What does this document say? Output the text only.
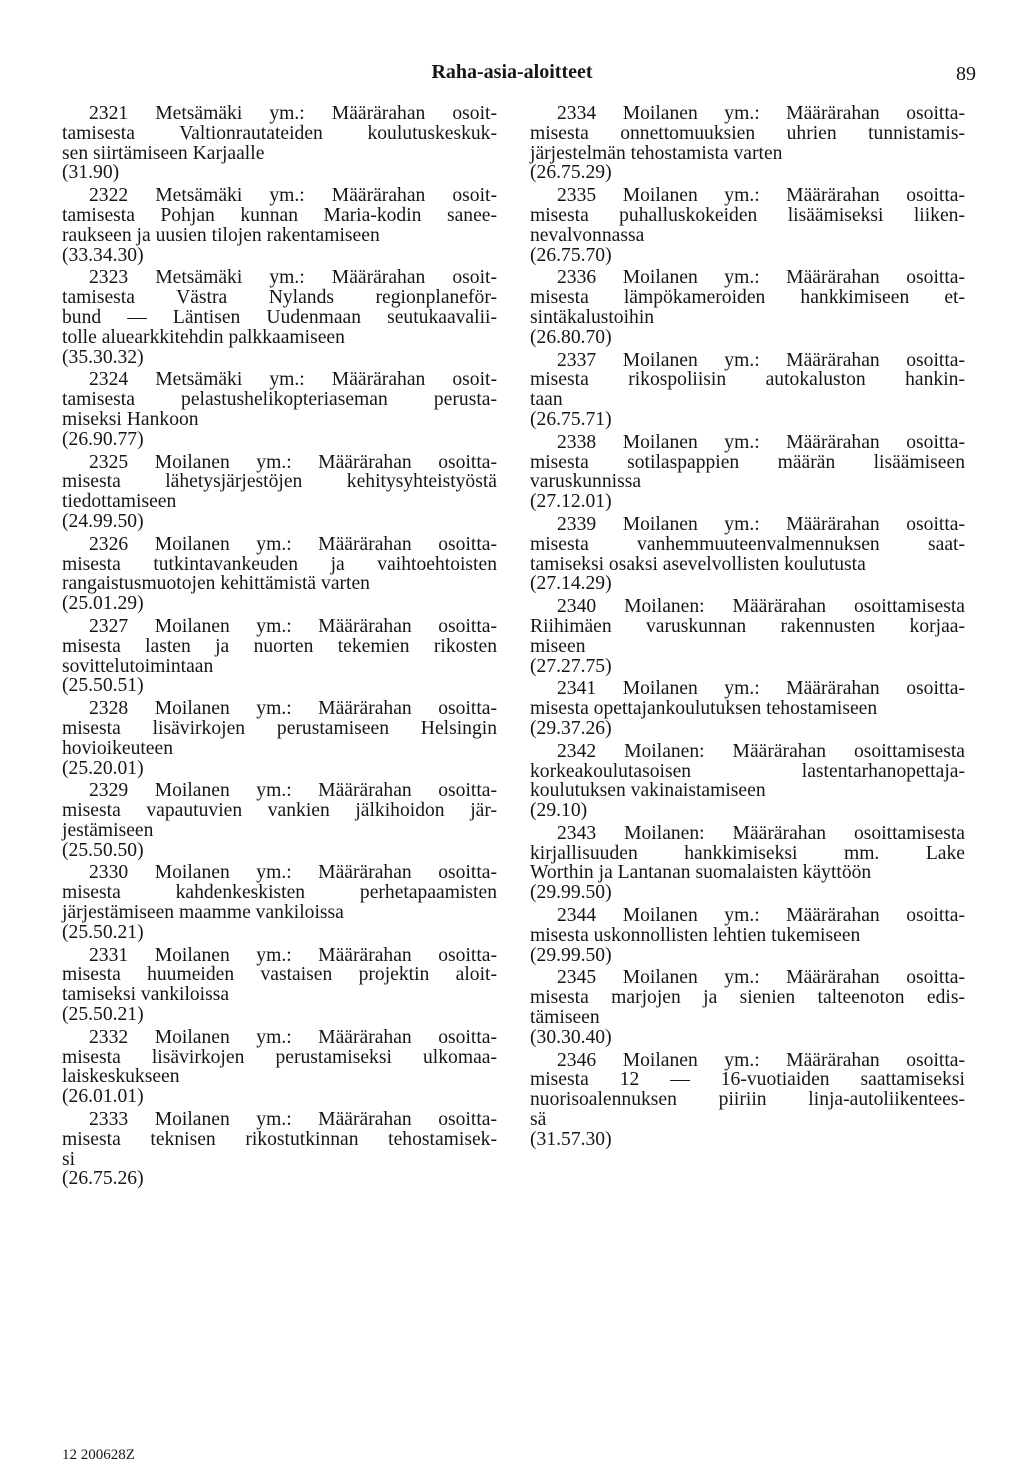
Raha-asia-aloitteet	89
2321 Metsämäki ym.: Määrärahan osoit-
tamisesta Valtionrautateiden koulutuskeskuk-
sen siirtämiseen Karjaalle
(31.90)
2322 Metsämäki ym.: Määrärahan osoit-
tamisesta Pohjan kunnan Maria-kodin sanee-
raukseen ja uusien tilojen rakentamiseen
(33.34.30)
2323 Metsämäki ym.: Määrärahan osoit-
tamisesta Västra Nylands regionplaneför-
bund — Läntisen Uudenmaan seutukaavalii-
tolle aluearkkitehdin palkkaamiseen
(35.30.32)
2324 Metsämäki ym.: Määrärahan osoit-
tamisesta pelastushelikopteriaseman perusta-
miseksi Hankoon
(26.90.77)
2325 Moilanen ym.: Määrärahan osoitta-
misesta lähetysjärjestöjen kehitysyhteistyöstä
tiedottamiseen
(24.99.50)
2326 Moilanen ym.: Määrärahan osoitta-
misesta tutkintavankeuden ja vaihtoehtoisten
rangaistusmuotojen kehittämistä varten
(25.01.29)
2327 Moilanen ym.: Määrärahan osoitta-
misesta lasten ja nuorten tekemien rikosten
sovittelutoimintaan
(25.50.51)
2328 Moilanen ym.: Määrärahan osoitta-
misesta lisävirkojen perustamiseen Helsingin
hovioikeuteen
(25.20.01)
2329 Moilanen ym.: Määrärahan osoitta-
misesta vapautuvien vankien jälkihoidon jär-
jestämiseen
(25.50.50)
2330 Moilanen ym.: Määrärahan osoitta-
misesta kahdenkeskisten perhetapaamisten
järjestämiseen maamme vankiloissa
(25.50.21)
2331 Moilanen ym.: Määrärahan osoitta-
misesta huumeiden vastaisen projektin aloit-
tamiseksi vankiloissa
(25.50.21)
2332 Moilanen ym.: Määrärahan osoitta-
misesta lisävirkojen perustamiseksi ulkomaa-
laiskeskukseen
(26.01.01)
2333 Moilanen ym.: Määrärahan osoitta-
misesta teknisen rikostutkinnan tehostamisek-
si
(26.75.26)
2334 Moilanen ym.: Määrärahan osoitta-
misesta onnettomuuksien uhrien tunnistamis-
järjestelmän tehostamista varten
(26.75.29)
2335 Moilanen ym.: Määrärahan osoitta-
misesta puhalluskokeiden lisäämiseksi liiken-
nevalvonnassa
(26.75.70)
2336 Moilanen ym.: Määrärahan osoitta-
misesta lämpökameroiden hankkimiseen et-
sintäkalustoihin
(26.80.70)
2337 Moilanen ym.: Määrärahan osoitta-
misesta rikospoliisin autokaluston hankin-
taan
(26.75.71)
2338 Moilanen ym.: Määrärahan osoitta-
misesta sotilaspappien määrän lisäämiseen
varuskunnissa
(27.12.01)
2339 Moilanen ym.: Määrärahan osoitta-
misesta vanhemmuuteenvalmennuksen saat-
tamiseksi osaksi asevelvollisten koulutusta
(27.14.29)
2340 Moilanen: Määrärahan osoittamisesta
Riihimäen varuskunnan rakennusten korjaa-
miseen
(27.27.75)
2341 Moilanen ym.: Määrärahan osoitta-
misesta opettajankoulutuksen tehostamiseen
(29.37.26)
2342 Moilanen: Määrärahan osoittamisesta
korkeakoulutasoisen lastentarhanopettaja-
koulutuksen vakinaistamiseen
(29.10)
2343 Moilanen: Määrärahan osoittamisesta
kirjallisuuden hankkimiseksi mm. Lake
Worthin ja Lantanan suomalaisten käyttöön
(29.99.50)
2344 Moilanen ym.: Määrärahan osoitta-
misesta uskonnollisten lehtien tukemiseen
(29.99.50)
2345 Moilanen ym.: Määrärahan osoitta-
misesta marjojen ja sienien talteenoton edis-
tämiseen
(30.30.40)
2346 Moilanen ym.: Määrärahan osoitta-
misesta 12 — 16-vuotiaiden saattamiseksi
nuorisoalennuksen piiriin linja-autoliikentees-
sä
(31.57.30)
12 200628Z
